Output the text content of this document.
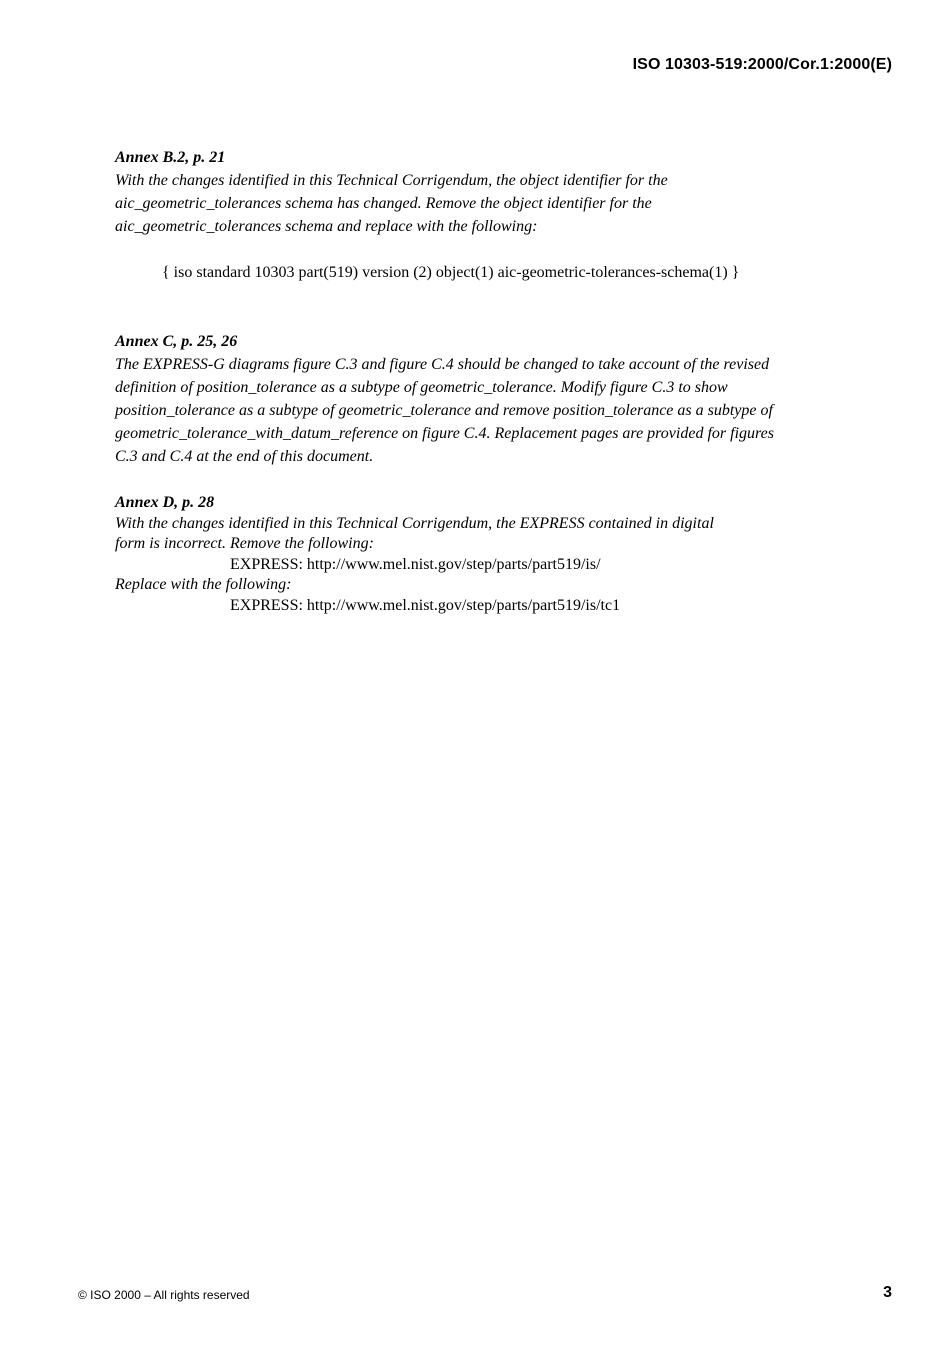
ISO 10303-519:2000/Cor.1:2000(E)

Annex B.2, p. 21

With the changes identified in this Technical Corrigendum, the object identifier for the
aic_geometric_tolerances schema has changed. Remove the object identifier for the
aic_geometric_tolerances schema and replace with the following:

{ iso standard 10303 part(519) version (2) object(1) aic-geometric-tolerances-schema(1) }

Annex C, p. 25, 26

The EXPRESS-G diagrams figure C.3 and figure C.4 should be changed to take account of the revised
definition of position_tolerance as a subtype of geometric_tolerance. Modify figure C.3 to show
position_tolerance as a subtype of geometric_tolerance and remove position_tolerance as a subtype of
geometric_tolerance_with_datum_reference on figure C.4. Replacement pages are provided for figures
C.3 and C.4 at the end of this document.

Annex D, p. 28

With the changes identified in this Technical Corrigendum, the EXPRESS contained in digital
form is incorrect. Remove the following:
EXPRESS: http://www.mel.nist.gov/step/parts/part519/is/
Replace with the following:
EXPRESS: http://www.mel.nist.gov/step/parts/part519/is/tc1
© ISO 2000 – All rights reserved	3
